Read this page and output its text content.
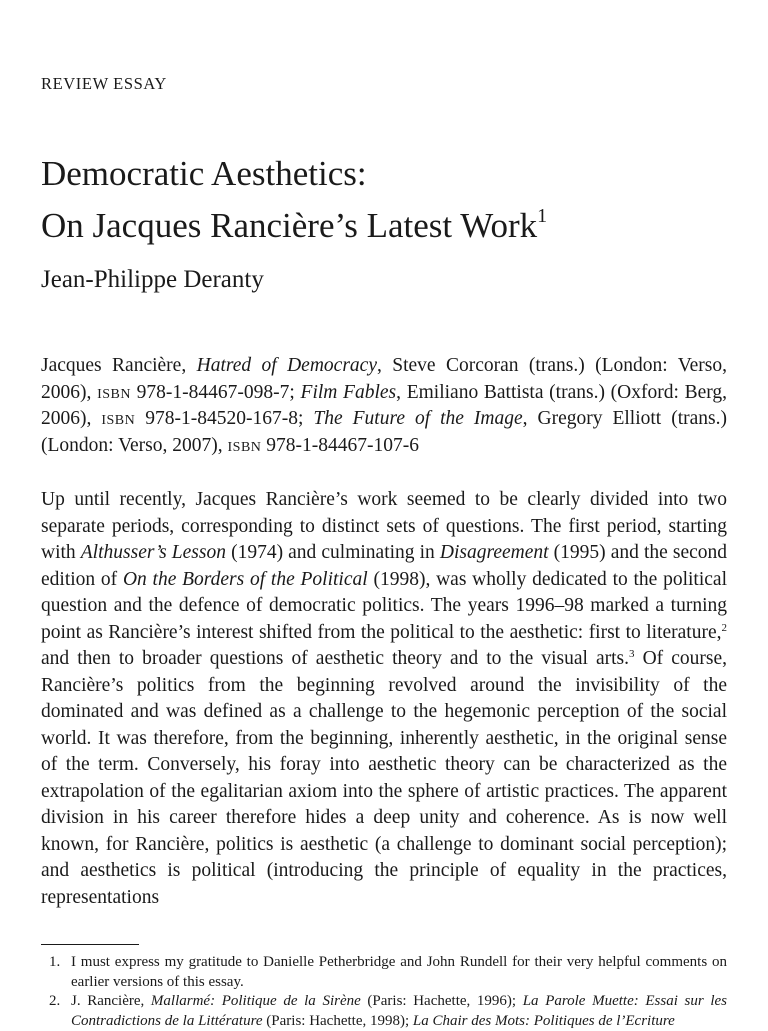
REVIEW ESSAY
Democratic Aesthetics:
On Jacques Rancière’s Latest Work$^1$
Jean-Philippe Deranty

Jacques Rancière, Hatred of Democracy, Steve Corcoran (trans.) (London: Verso, 2006), isbn 978-1-84467-098-7; Film Fables, Emiliano Battista (trans.) (Oxford: Berg, 2006), isbn 978-1-84520-167-8; The Future of the Image, Gregory Elliott (trans.) (London: Verso, 2007), isbn 978-1-84467-107-6

Up until recently, Jacques Rancière’s work seemed to be clearly divided into two separate periods, corresponding to distinct sets of questions. The first period, starting with Althusser’s Lesson (1974) and culminating in Disagreement (1995) and the second edition of On the Borders of the Political (1998), was wholly dedicated to the political question and the defence of democratic politics. The years 1996–98 marked a turning point as Rancière’s interest shifted from the political to the aesthetic: first to literature,$^2$ and then to broader questions of aesthetic theory and to the visual arts.$^3$ Of course, Rancière’s politics from the beginning revolved around the invisibility of the dominated and was defined as a challenge to the hegemonic perception of the social world. It was therefore, from the beginning, inherently aesthetic, in the original sense of the term. Conversely, his foray into aesthetic theory can be characterized as the extrapolation of the egalitarian axiom into the sphere of artistic practices. The apparent division in his career therefore hides a deep unity and coherence. As is now well known, for Rancière, politics is aesthetic (a challenge to dominant social perception); and aesthetics is political (introducing the principle of equality in the practices, representations

1. I must express my gratitude to Danielle Petherbridge and John Rundell for their very helpful comments on earlier versions of this essay.
2. J. Rancière, Mallarmé: Politique de la Sirène (Paris: Hachette, 1996); La Parole Muette: Essai sur les Contradictions de la Littérature (Paris: Hachette, 1998); La Chair des Mots: Politiques de l’Ecriture
